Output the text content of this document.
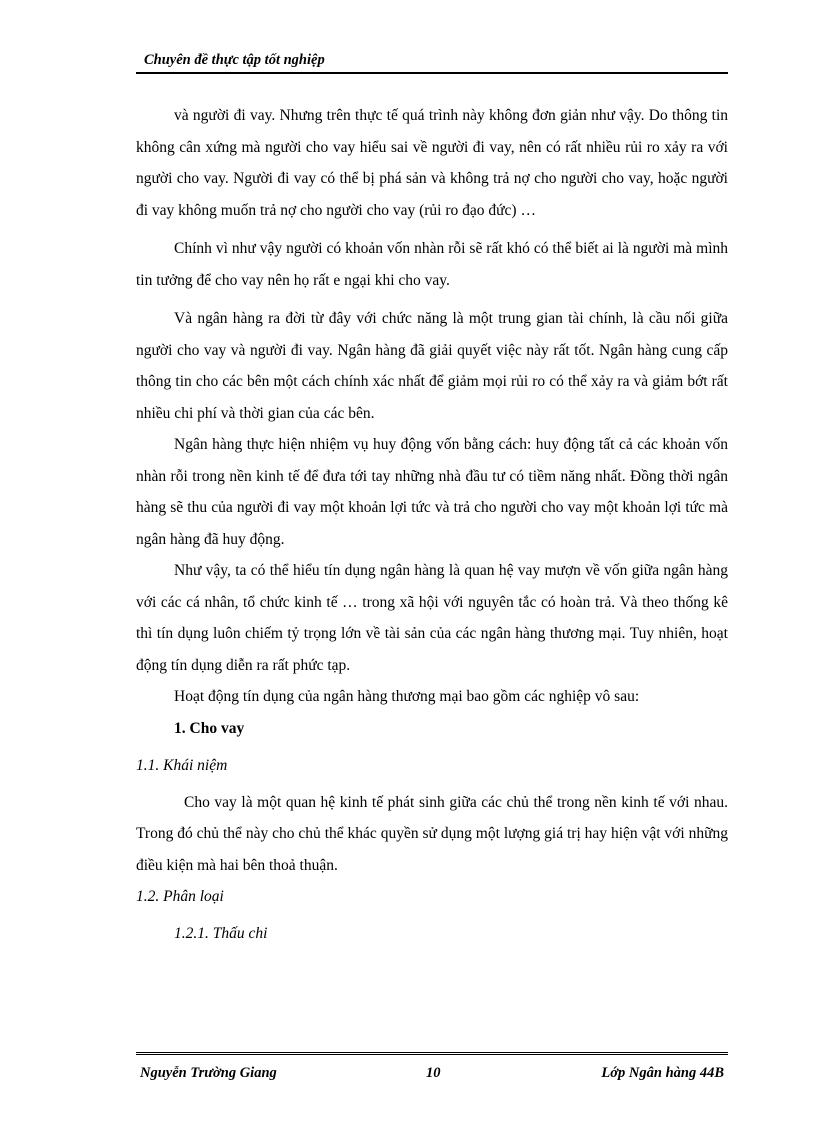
Chuyên đề thực tập tốt nghiệp

và người đi vay. Nhưng trên thực tế quá trình này không đơn giản như vậy. Do thông tin không cân xứng mà người cho vay hiểu sai về người đi vay, nên có rất nhiều rủi ro xảy ra với người cho vay. Người đi vay có thể bị phá sản và không trả nợ cho người cho vay, hoặc người đi vay không muốn trả nợ cho người cho vay (rủi ro đạo đức) …

Chính vì như vậy người có khoản vốn nhàn rỗi sẽ rất khó có thể biết ai là người mà mình tin tưởng để cho vay nên họ rất e ngại khi cho vay.

Và ngân hàng ra đời từ đây với chức năng là một trung gian tài chính, là cầu nối giữa người cho vay và người đi vay. Ngân hàng đã giải quyết việc này rất tốt. Ngân hàng cung cấp thông tin cho các bên một cách chính xác nhất để giảm mọi rủi ro có thể xảy ra và giảm bớt rất nhiều chi phí và thời gian của các bên.

Ngân hàng thực hiện nhiệm vụ huy động vốn bằng cách: huy động tất cả các khoản vốn nhàn rỗi trong nền kinh tế để đưa tới tay những nhà đầu tư có tiềm năng nhất. Đồng thời ngân hàng sẽ thu của người đi vay một khoản lợi tức và trả cho người cho vay một khoản lợi tức mà ngân hàng đã huy động.

Như vậy, ta có thể hiểu tín dụng ngân hàng là quan hệ vay mượn về vốn giữa ngân hàng với các cá nhân, tổ chức kinh tế … trong xã hội với nguyên tắc có hoàn trả. Và theo thống kê thì tín dụng luôn chiếm tỷ trọng lớn về tài sản của các ngân hàng thương mại. Tuy nhiên, hoạt động tín dụng diễn ra rất phức tạp.

Hoạt động tín dụng của ngân hàng thương mại bao gồm các nghiệp vô sau:

1. Cho vay
1.1. Khái niệm

Cho vay là một quan hệ kinh tế phát sinh giữa các chủ thể trong nền kinh tế với nhau. Trong đó chủ thể này cho chủ thể khác quyền sử dụng một lượng giá trị hay hiện vật với những điều kiện mà hai bên thoả thuận.

1.2. Phân loại
1.2.1. Thấu chi
Nguyễn Trường Giang	10	Lớp Ngân hàng 44B
